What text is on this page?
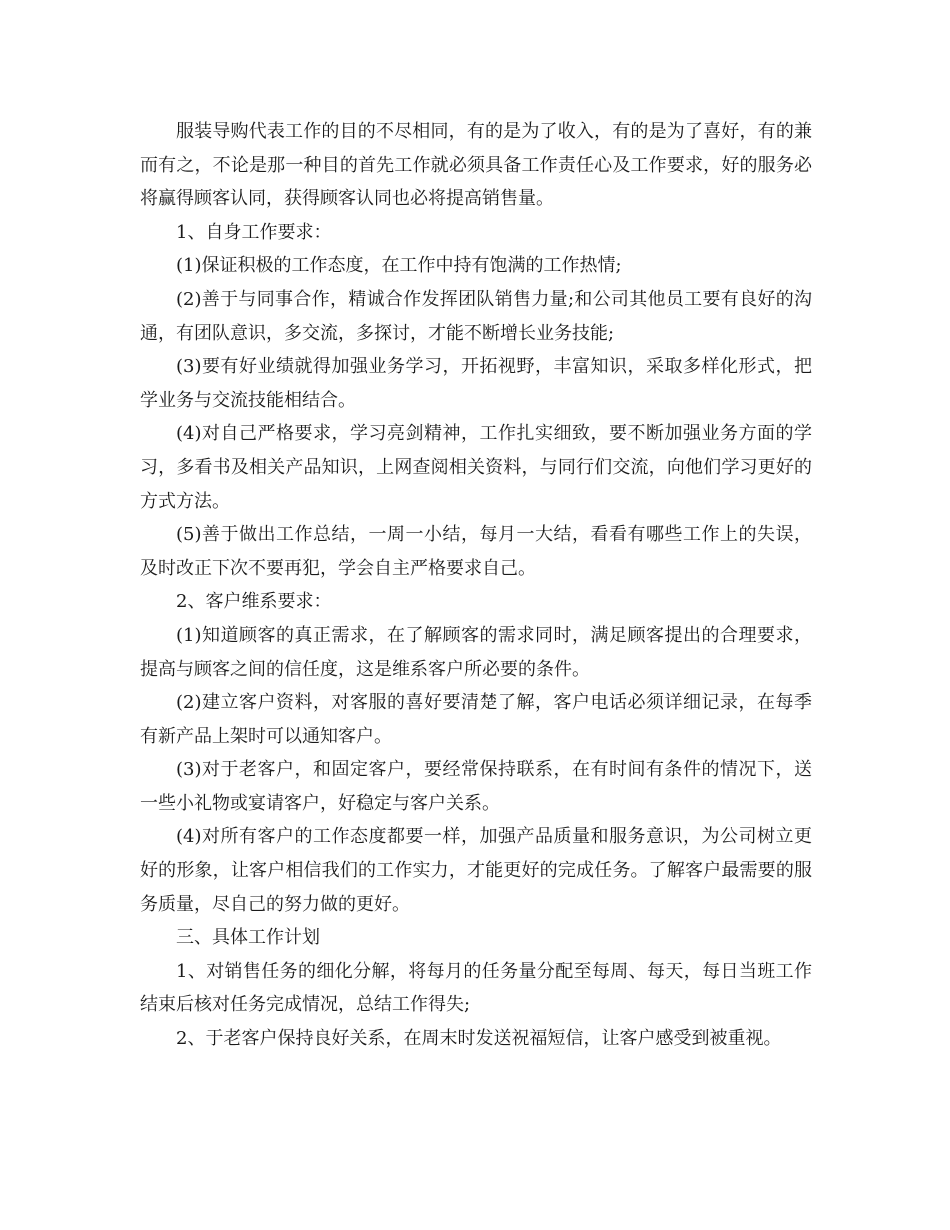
服装导购代表工作的目的不尽相同，有的是为了收入，有的是为了喜好，有的兼而有之，不论是那一种目的首先工作就必须具备工作责任心及工作要求，好的服务必将赢得顾客认同，获得顾客认同也必将提高销售量。

1、自身工作要求：

(1)保证积极的工作态度，在工作中持有饱满的工作热情;

(2)善于与同事合作，精诚合作发挥团队销售力量;和公司其他员工要有良好的沟通，有团队意识，多交流，多探讨，才能不断增长业务技能;

(3)要有好业绩就得加强业务学习，开拓视野，丰富知识，采取多样化形式，把学业务与交流技能相结合。

(4)对自己严格要求，学习亮剑精神，工作扎实细致，要不断加强业务方面的学习，多看书及相关产品知识，上网查阅相关资料，与同行们交流，向他们学习更好的方式方法。

(5)善于做出工作总结，一周一小结，每月一大结，看看有哪些工作上的失误，及时改正下次不要再犯，学会自主严格要求自己。

2、客户维系要求：

(1)知道顾客的真正需求，在了解顾客的需求同时，满足顾客提出的合理要求，提高与顾客之间的信任度，这是维系客户所必要的条件。

(2)建立客户资料，对客服的喜好要清楚了解，客户电话必须详细记录，在每季有新产品上架时可以通知客户。

(3)对于老客户，和固定客户，要经常保持联系，在有时间有条件的情况下，送一些小礼物或宴请客户，好稳定与客户关系。

(4)对所有客户的工作态度都要一样，加强产品质量和服务意识，为公司树立更好的形象，让客户相信我们的工作实力，才能更好的完成任务。了解客户最需要的服务质量，尽自己的努力做的更好。

三、具体工作计划

1、对销售任务的细化分解，将每月的任务量分配至每周、每天，每日当班工作结束后核对任务完成情况，总结工作得失;

2、于老客户保持良好关系，在周末时发送祝福短信，让客户感受到被重视。
